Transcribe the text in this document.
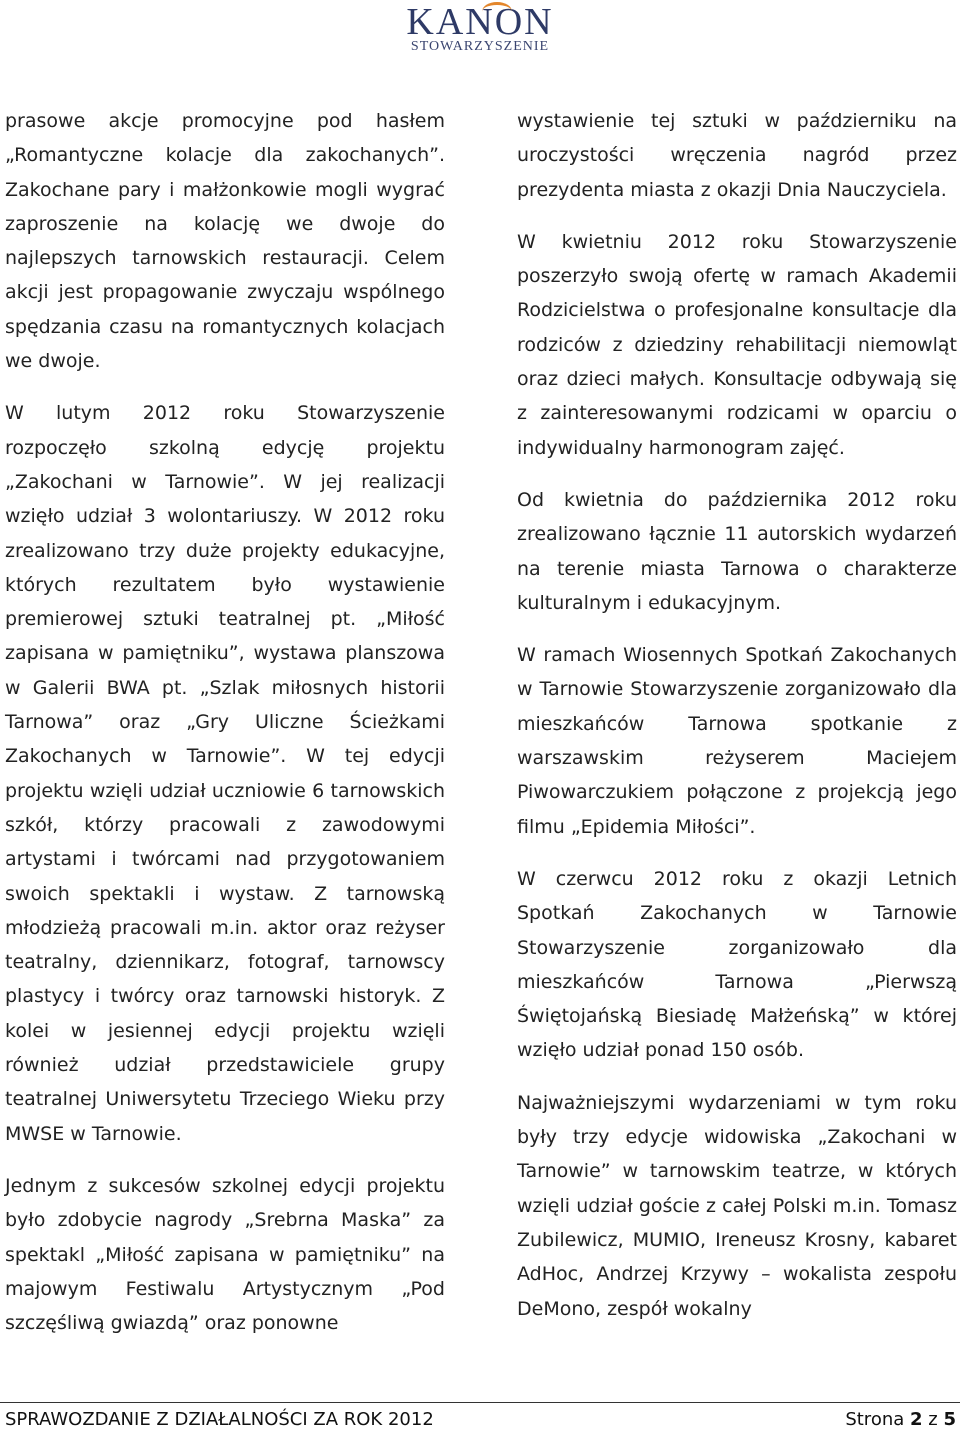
KANON
STOWARZYSZENIE

prasowe akcje promocyjne pod hasłem „Romantyczne kolacje dla zakochanych”. Zakochane pary i małżonkowie mogli wygrać zaproszenie na kolację we dwoje do najlepszych tarnowskich restauracji. Celem akcji jest propagowanie zwyczaju wspólnego spędzania czasu na romantycznych kolacjach we dwoje.

W lutym 2012 roku Stowarzyszenie rozpoczęło szkolną edycję projektu „Zakochani w Tarnowie”. W jej realizacji wzięło udział 3 wolontariuszy. W 2012 roku zrealizowano trzy duże projekty edukacyjne, których rezultatem było wystawienie premierowej sztuki teatralnej pt. „Miłość zapisana w pamiętniku”, wystawa planszowa w Galerii BWA pt. „Szlak miłosnych historii Tarnowa” oraz „Gry Uliczne Ścieżkami Zakochanych w Tarnowie”. W tej edycji projektu wzięli udział uczniowie 6 tarnowskich szkół, którzy pracowali z zawodowymi artystami i twórcami nad przygotowaniem swoich spektakli i wystaw. Z tarnowską młodzieżą pracowali m.in. aktor oraz reżyser teatralny, dziennikarz, fotograf, tarnowscy plastycy i twórcy oraz tarnowski historyk. Z kolei w jesiennej edycji projektu wzięli również udział przedstawiciele grupy teatralnej Uniwersytetu Trzeciego Wieku przy MWSE w Tarnowie.

Jednym z sukcesów szkolnej edycji projektu było zdobycie nagrody „Srebrna Maska” za spektakl „Miłość zapisana w pamiętniku” na majowym Festiwalu Artystycznym „Pod szczęśliwą gwiazdą” oraz ponowne

wystawienie tej sztuki w październiku na uroczystości wręczenia nagród przez prezydenta miasta z okazji Dnia Nauczyciela.

W kwietniu 2012 roku Stowarzyszenie poszerzyło swoją ofertę w ramach Akademii Rodzicielstwa o profesjonalne konsultacje dla rodziców z dziedziny rehabilitacji niemowląt oraz dzieci małych. Konsultacje odbywają się z zainteresowanymi rodzicami w oparciu o indywidualny harmonogram zajęć.

Od kwietnia do października 2012 roku zrealizowano łącznie 11 autorskich wydarzeń na terenie miasta Tarnowa o charakterze kulturalnym i edukacyjnym.

W ramach Wiosennych Spotkań Zakochanych w Tarnowie Stowarzyszenie zorganizowało dla mieszkańców Tarnowa spotkanie z warszawskim reżyserem Maciejem Piwowarczukiem połączone z projekcją jego filmu „Epidemia Miłości”.

W czerwcu 2012 roku z okazji Letnich Spotkań Zakochanych w Tarnowie Stowarzyszenie zorganizowało dla mieszkańców Tarnowa „Pierwszą Świętojańską Biesiadę Małżeńską” w której wzięło udział ponad 150 osób.

Najważniejszymi wydarzeniami w tym roku były trzy edycje widowiska „Zakochani w Tarnowie” w tarnowskim teatrze, w których wzięli udział goście z całej Polski m.in. Tomasz Zubilewicz, MUMIO, Ireneusz Krosny, kabaret AdHoc, Andrzej Krzywy – wokalista zespołu DeMono, zespół wokalny

SPRAWOZDANIE Z DZIAŁALNOŚCI ZA ROK 2012	Strona 2 z 5
